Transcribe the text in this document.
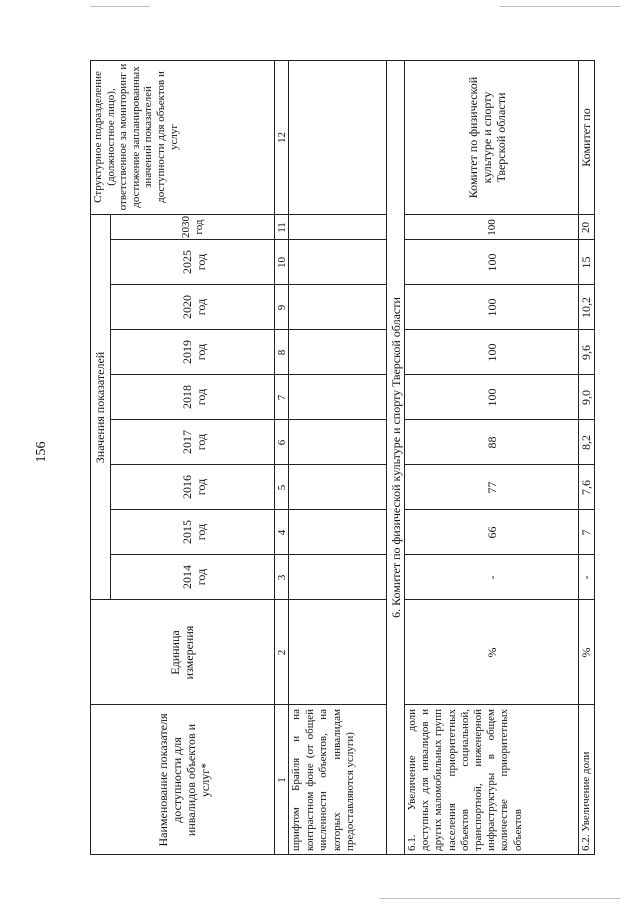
156
Наименование показателя доступности для инвалидов объектов и услуг*
Единица измерения
Значения показателей
2014 год
2015 год
2016 год
2017 год
2018 год
2019 год
2020 год
2025 год
2030 год
Структурное подразделение (должностное лицо), ответственное за мониторинг и достижение запланированных значений показателей доступности для объектов и услуг
1
2
3
4
5
6
7
8
9
10
11
12
шрифтом Брайля и на контрастном фоне (от общей численности объектов, на которых инвалидам предоставляются услуги)
6. Комитет по физической культуре и спорту Тверской области
6.1. Увеличение доли доступных для инвалидов и других маломобильных групп населения приоритетных объектов социальной, транспортной, инженерной инфраструктуры в общем количестве приоритетных объектов
%
-
66
77
88
100
100
100
100
100
Комитет по физической культуре и спорту Тверской области
6.2. Увеличение доли
%
-
7
7,6
8,2
9,0
9,6
10,2
15
20
Комитет по
